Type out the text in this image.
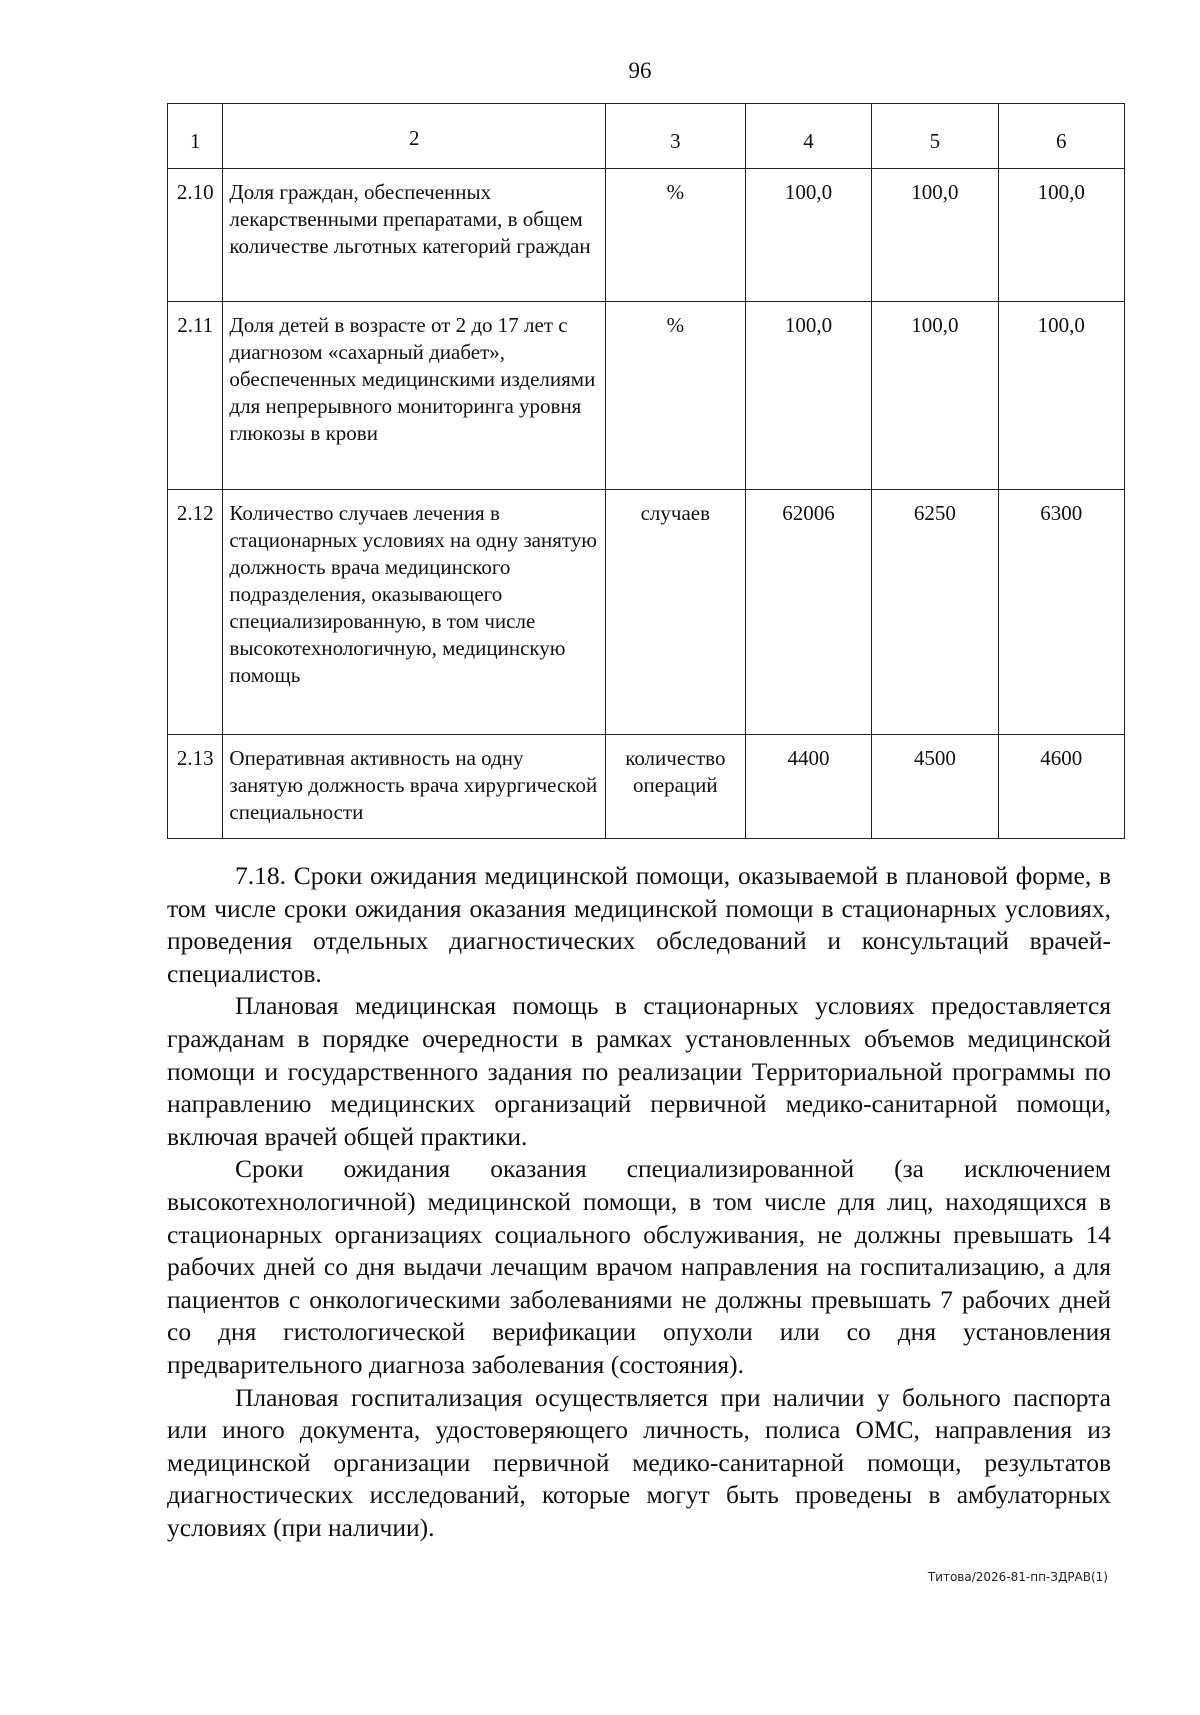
96
1	2	3	4	5	6
2.10	Доля граждан, обеспеченных лекарственными препаратами, в общем количестве льготных категорий граждан	%	100,0	100,0	100,0
2.11	Доля детей в возрасте от 2 до 17 лет с диагнозом «сахарный диабет», обеспеченных медицинскими изделиями для непрерывного мониторинга уровня глюкозы в крови	%	100,0	100,0	100,0
2.12	Количество случаев лечения в стационарных условиях на одну занятую должность врача медицинского подразделения, оказывающего специализированную, в том числе высокотехнологичную, медицинскую помощь	случаев	62006	6250	6300
2.13	Оперативная активность на одну занятую должность врача хирургической специальности	количество операций	4400	4500	4600

7.18. Сроки ожидания медицинской помощи, оказываемой в плановой форме, в том числе сроки ожидания оказания медицинской помощи в стационарных условиях, проведения отдельных диагностических обследований и консультаций врачей-специалистов.

Плановая медицинская помощь в стационарных условиях предоставляется гражданам в порядке очередности в рамках установленных объемов медицинской помощи и государственного задания по реализации Территориальной программы по направлению медицинских организаций первичной медико-санитарной помощи, включая врачей общей практики.

Сроки ожидания оказания специализированной (за исключением высокотехнологичной) медицинской помощи, в том числе для лиц, находящихся в стационарных организациях социального обслуживания, не должны превышать 14 рабочих дней со дня выдачи лечащим врачом направления на госпитализацию, а для пациентов с онкологическими заболеваниями не должны превышать 7 рабочих дней со дня гистологической верификации опухоли или со дня установления предварительного диагноза заболевания (состояния).

Плановая госпитализация осуществляется при наличии у больного паспорта или иного документа, удостоверяющего личность, полиса ОМС, направления из медицинской организации первичной медико-санитарной помощи, результатов диагностических исследований, которые могут быть проведены в амбулаторных условиях (при наличии).

Титова/2026-81-пп-ЗДРАВ(1)
